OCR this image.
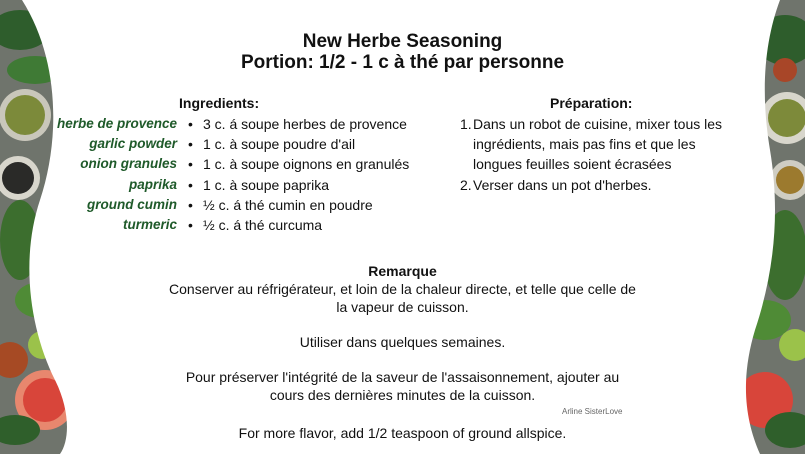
New Herbe Seasoning
Portion: 1/2 - 1 c à thé par personne
Ingredients:	Préparation:
herbe de provence
garlic powder
onion granules
paprika
ground cumin
turmeric
• 3 c. á soupe herbes de provence
• 1 c. à soupe poudre d'ail
• 1 c. à soupe oignons en granulés
• 1 c. à soupe paprika
• ½ c. á thé cumin en poudre
• ½ c. á thé curcuma
1. Dans un robot de cuisine, mixer tous les ingrédients, mais pas fins et que les longues feuilles soient écrasées
2. Verser dans un pot d'herbes.
Remarque

Conserver au réfrigérateur, et loin de la chaleur directe, et telle que celle de la vapeur de cuisson.

Utiliser dans quelques semaines.

Pour préserver l'intégrité de la saveur de l'assaisonnement, ajouter au cours des dernières minutes de la cuisson.

Arline SisterLove
For more flavor, add 1/2 teaspoon of ground allspice.
